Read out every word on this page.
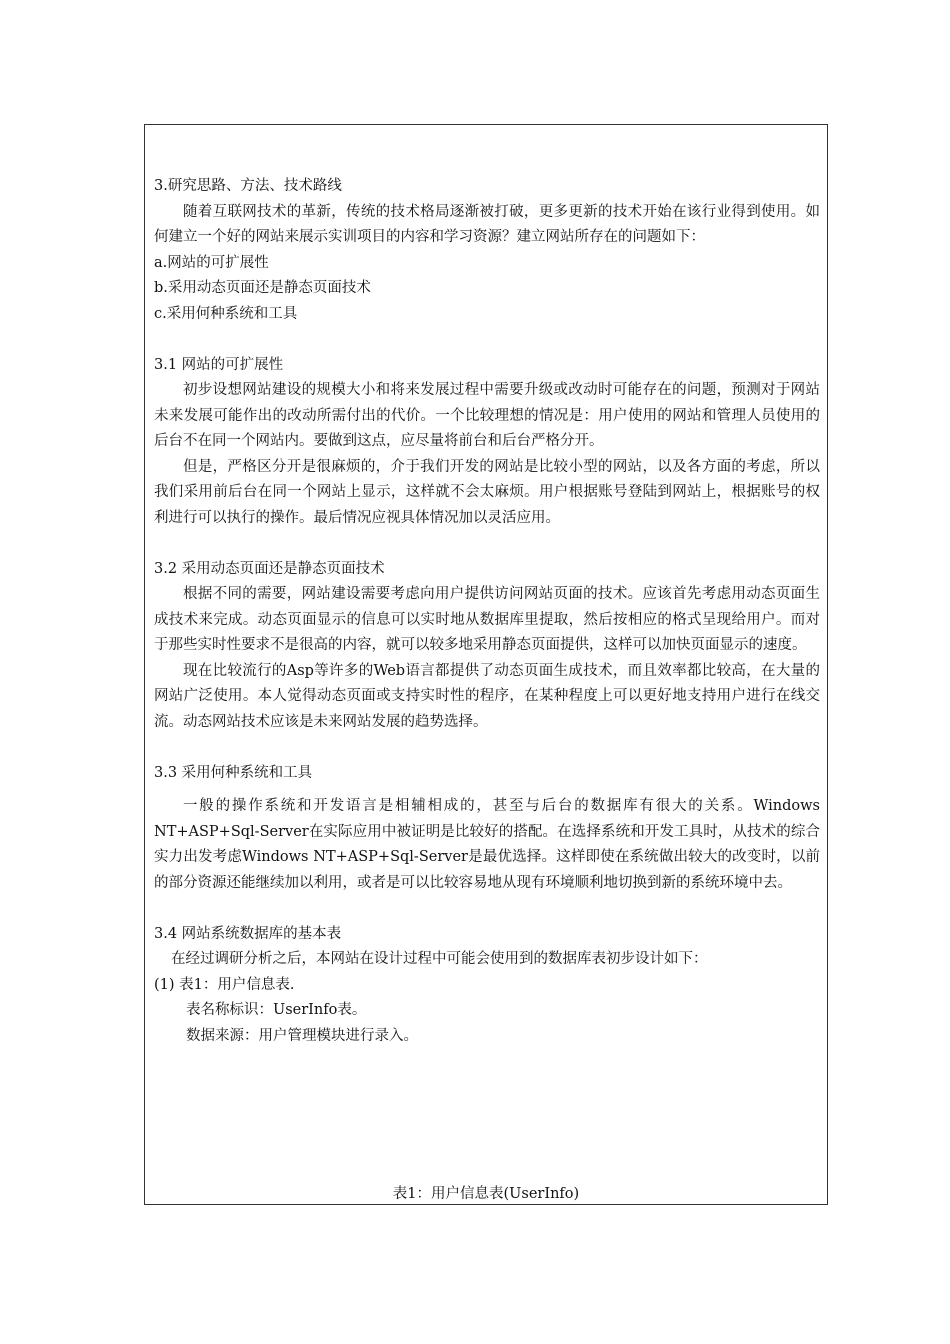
3.研究思路、方法、技术路线

随着互联网技术的革新，传统的技术格局逐渐被打破，更多更新的技术开始在该行业得到使用。如何建立一个好的网站来展示实训项目的内容和学习资源？建立网站所存在的问题如下：

a.网站的可扩展性

b.采用动态页面还是静态页面技术

c.采用何种系统和工具

3.1 网站的可扩展性

初步设想网站建设的规模大小和将来发展过程中需要升级或改动时可能存在的问题，预测对于网站未来发展可能作出的改动所需付出的代价。一个比较理想的情况是：用户使用的网站和管理人员使用的后台不在同一个网站内。要做到这点，应尽量将前台和后台严格分开。

但是，严格区分开是很麻烦的，介于我们开发的网站是比较小型的网站，以及各方面的考虑，所以我们采用前后台在同一个网站上显示，这样就不会太麻烦。用户根据账号登陆到网站上，根据账号的权利进行可以执行的操作。最后情况应视具体情况加以灵活应用。

3.2 采用动态页面还是静态页面技术

根据不同的需要，网站建设需要考虑向用户提供访问网站页面的技术。应该首先考虑用动态页面生成技术来完成。动态页面显示的信息可以实时地从数据库里提取，然后按相应的格式呈现给用户。而对于那些实时性要求不是很高的内容，就可以较多地采用静态页面提供，这样可以加快页面显示的速度。

现在比较流行的Asp等许多的Web语言都提供了动态页面生成技术，而且效率都比较高，在大量的网站广泛使用。本人觉得动态页面或支持实时性的程序，在某种程度上可以更好地支持用户进行在线交流。动态网站技术应该是未来网站发展的趋势选择。

3.3 采用何种系统和工具

一般的操作系统和开发语言是相辅相成的，甚至与后台的数据库有很大的关系。Windows NT+ASP+Sql-Server在实际应用中被证明是比较好的搭配。在选择系统和开发工具时，从技术的综合实力出发考虑Windows NT+ASP+Sql-Server是最优选择。这样即使在系统做出较大的改变时，以前的部分资源还能继续加以利用，或者是可以比较容易地从现有环境顺利地切换到新的系统环境中去。

3.4 网站系统数据库的基本表

在经过调研分析之后，本网站在设计过程中可能会使用到的数据库表初步设计如下：

(1) 表1：用户信息表.

表名称标识：UserInfo表。

数据来源：用户管理模块进行录入。

表1：用户信息表(UserInfo)
